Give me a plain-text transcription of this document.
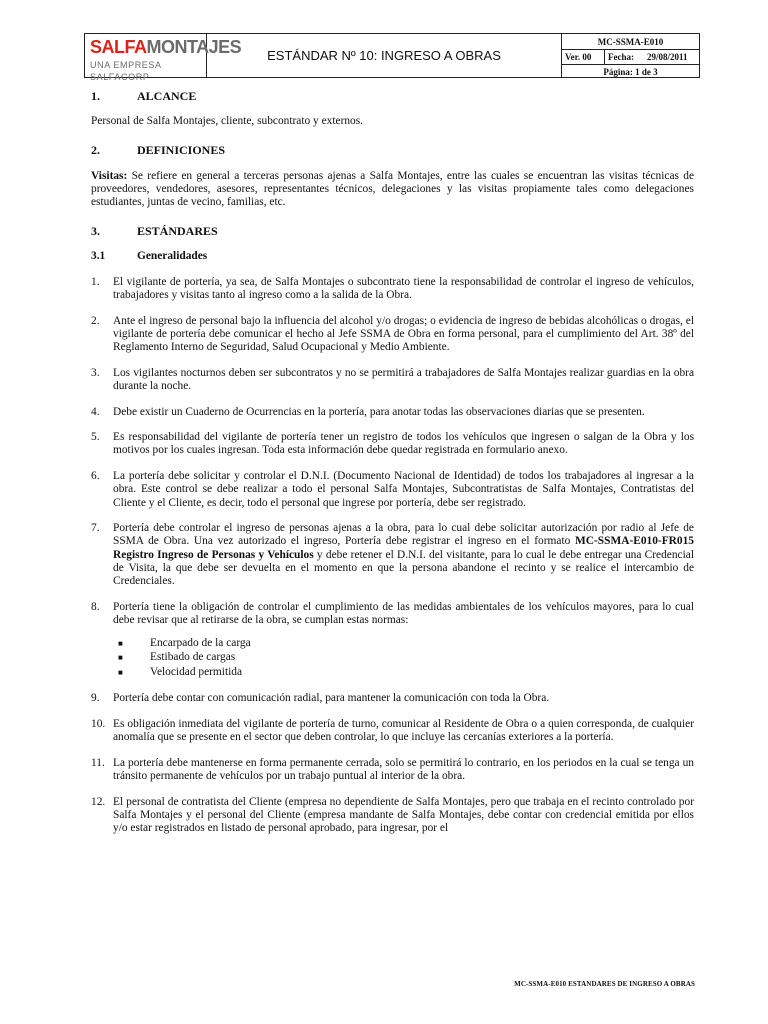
SALFAMONTAJES
UNA EMPRESA SALFACORP
ESTÁNDAR Nº 10: INGRESO A OBRAS
MC-SSMA-E010
Ver. 00	Fecha:	29/08/2011
Página: 1 de 3
1.	ALCANCE
Personal de Salfa Montajes, cliente, subcontrato y externos.
2.	DEFINICIONES
Visitas: Se refiere en general a terceras personas ajenas a Salfa Montajes, entre las cuales se encuentran las visitas técnicas de proveedores, vendedores, asesores, representantes técnicos, delegaciones y las visitas propiamente tales como delegaciones estudiantes, juntas de vecino, familias, etc.
3.	ESTÁNDARES
3.1	Generalidades
1.	El vigilante de portería, ya sea, de Salfa Montajes o subcontrato tiene la responsabilidad de controlar el ingreso de vehículos, trabajadores y visitas tanto al ingreso como a la salida de la Obra.
2.	Ante el ingreso de personal bajo la influencia del alcohol y/o drogas; o evidencia de ingreso de bebidas alcohólicas o drogas, el vigilante de portería debe comunicar el hecho al Jefe SSMA de Obra en forma personal, para el cumplimiento del Art. 38º del Reglamento Interno de Seguridad, Salud Ocupacional y Medio Ambiente.
3.	Los vigilantes nocturnos deben ser subcontratos y no se permitirá a trabajadores de Salfa Montajes realizar guardias en la obra durante la noche.
4.	Debe existir un Cuaderno de Ocurrencias en la portería, para anotar todas las observaciones diarias que se presenten.
5.	Es responsabilidad del vigilante de portería tener un registro de todos los vehículos que ingresen o salgan de la Obra y los motivos por los cuales ingresan. Toda esta información debe quedar registrada en formulario anexo.
6.	La portería debe solicitar y controlar el D.N.I. (Documento Nacional de Identidad) de todos los trabajadores al ingresar a la obra. Este control se debe realizar a todo el personal Salfa Montajes, Subcontratistas de Salfa Montajes, Contratistas del Cliente y el Cliente, es decir, todo el personal que ingrese por portería, debe ser registrado.
7.	Portería debe controlar el ingreso de personas ajenas a la obra, para lo cual debe solicitar autorización por radio al Jefe de SSMA de Obra. Una vez autorizado el ingreso, Portería debe registrar el ingreso en el formato MC-SSMA-E010-FR015 Registro Ingreso de Personas y Vehículos y debe retener el D.N.I. del visitante, para lo cual le debe entregar una Credencial de Visita, la que debe ser devuelta en el momento en que la persona abandone el recinto y se realice el intercambio de Credenciales.
8.	Portería tiene la obligación de controlar el cumplimiento de las medidas ambientales de los vehículos mayores, para lo cual debe revisar que al retirarse de la obra, se cumplan estas normas:
■	Encarpado de la carga
■	Estibado de cargas
■	Velocidad permitida
9.	Portería debe contar con comunicación radial, para mantener la comunicación con toda la Obra.
10. Es obligación inmediata del vigilante de portería de turno, comunicar al Residente de Obra o a quien corresponda, de cualquier anomalía que se presente en el sector que deben controlar, lo que incluye las cercanías exteriores a la portería.
11. La portería debe mantenerse en forma permanente cerrada, solo se permitirá lo contrario, en los periodos en la cual se tenga un tránsito permanente de vehículos por un trabajo puntual al interior de la obra.
12. El personal de contratista del Cliente (empresa no dependiente de Salfa Montajes, pero que trabaja en el recinto controlado por Salfa Montajes y el personal del Cliente (empresa mandante de Salfa Montajes, debe contar con credencial emitida por ellos y/o estar registrados en listado de personal aprobado, para ingresar, por el
MC-SSMA-E010 ESTANDARES DE INGRESO A OBRAS
